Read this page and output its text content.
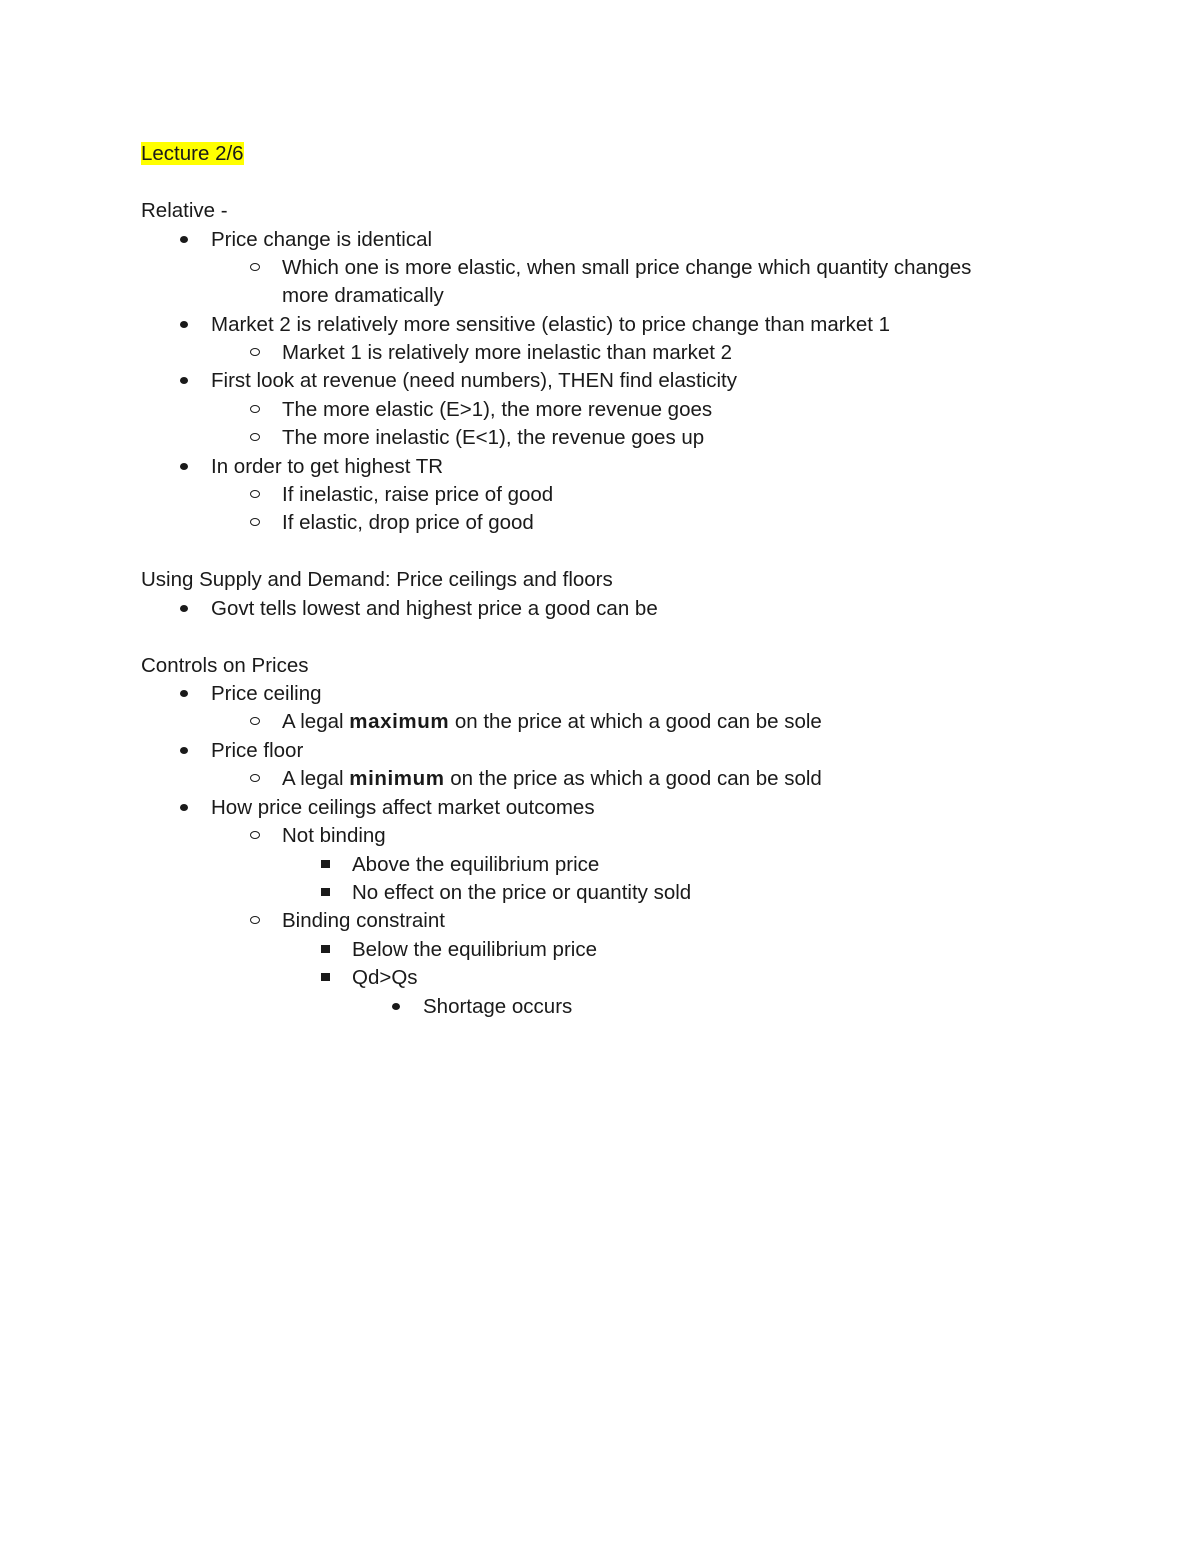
Lecture 2/6
Relative -
Price change is identical
Which one is more elastic, when small price change which quantity changes
more dramatically
Market 2 is relatively more sensitive (elastic) to price change than market 1
Market 1 is relatively more inelastic than market 2
First look at revenue (need numbers), THEN find elasticity
The more elastic (E>1), the more revenue goes
The more inelastic (E<1), the revenue goes up
In order to get highest TR
If inelastic, raise price of good
If elastic, drop price of good
Using Supply and Demand: Price ceilings and floors
Govt tells lowest and highest price a good can be
Controls on Prices
Price ceiling
A legal maximum on the price at which a good can be sole
Price floor
A legal minimum on the price as which a good can be sold
How price ceilings affect market outcomes
Not binding
Above the equilibrium price
No effect on the price or quantity sold
Binding constraint
Below the equilibrium price
Qd>Qs
Shortage occurs
